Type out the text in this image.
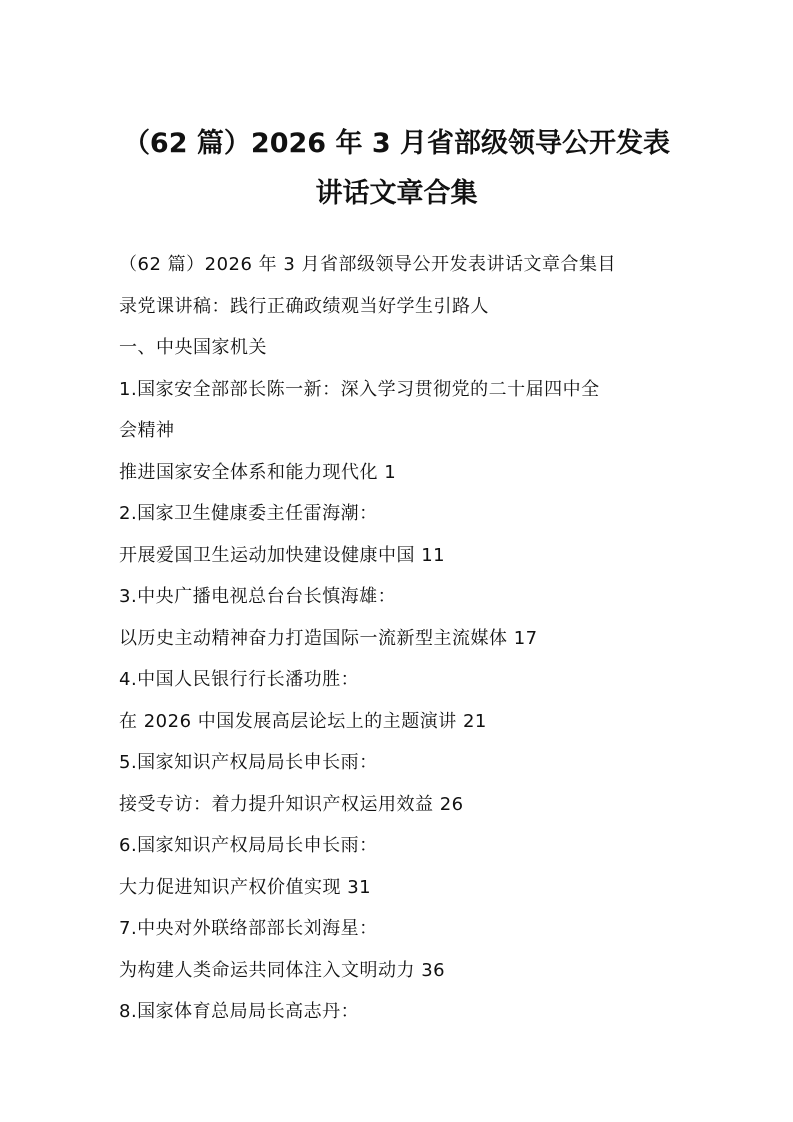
（62 篇）2026 年 3 月省部级领导公开发表
讲话文章合集
（62 篇）2026 年 3 月省部级领导公开发表讲话文章合集目
录党课讲稿：践行正确政绩观当好学生引路人
一、中央国家机关
1.国家安全部部长陈一新：深入学习贯彻党的二十届四中全
会精神
推进国家安全体系和能力现代化 1
2.国家卫生健康委主任雷海潮：
开展爱国卫生运动加快建设健康中国 11
3.中央广播电视总台台长慎海雄：
以历史主动精神奋力打造国际一流新型主流媒体 17
4.中国人民银行行长潘功胜：
在 2026 中国发展高层论坛上的主题演讲 21
5.国家知识产权局局长申长雨：
接受专访：着力提升知识产权运用效益 26
6.国家知识产权局局长申长雨：
大力促进知识产权价值实现 31
7.中央对外联络部部长刘海星：
为构建人类命运共同体注入文明动力 36
8.国家体育总局局长高志丹：
